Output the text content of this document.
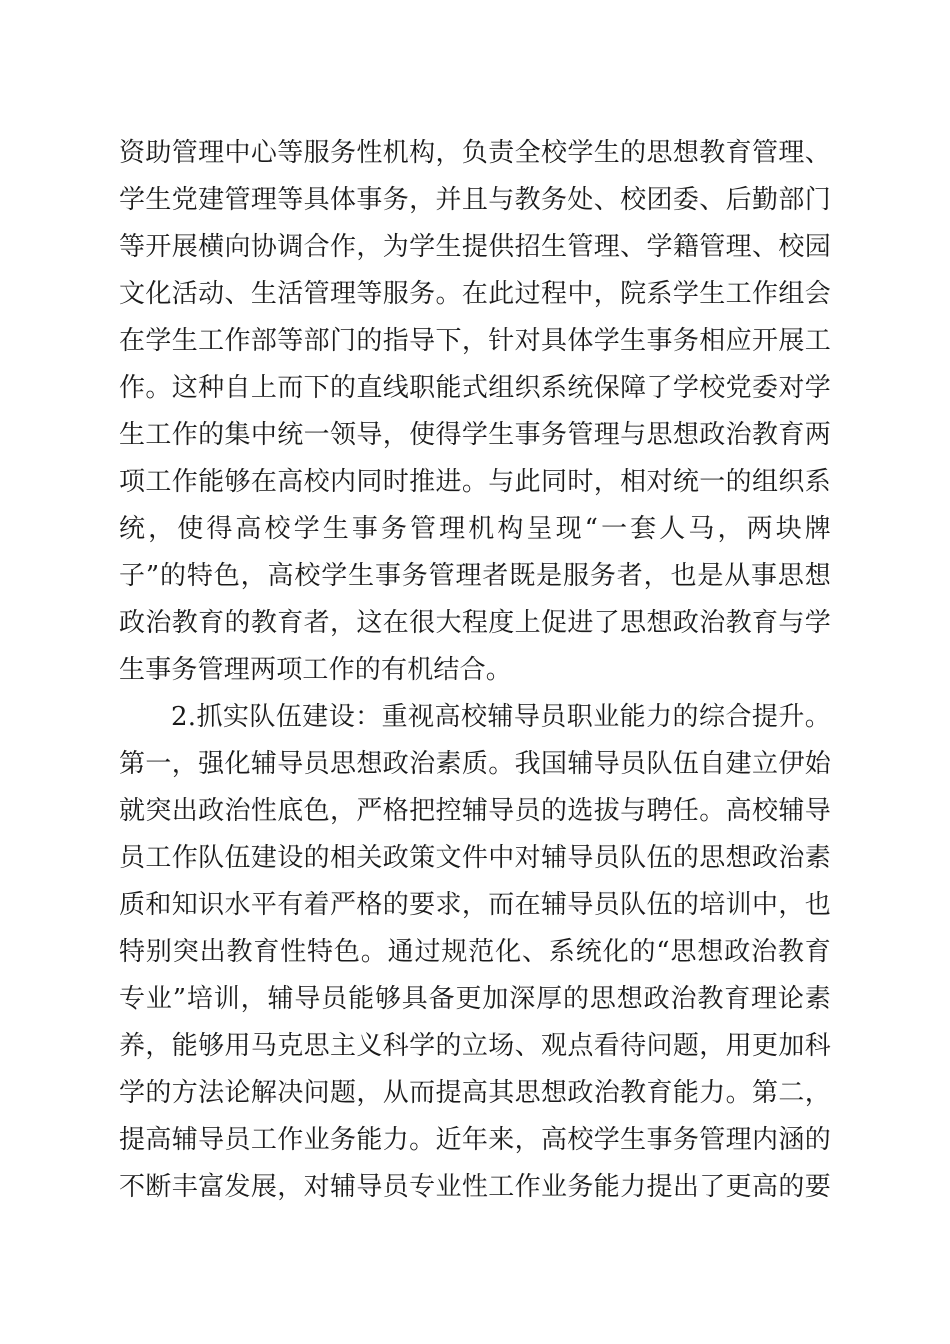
资助管理中心等服务性机构，负责全校学生的思想教育管理、
学生党建管理等具体事务，并且与教务处、校团委、后勤部门
等开展横向协调合作，为学生提供招生管理、学籍管理、校园
文化活动、生活管理等服务。在此过程中，院系学生工作组会
在学生工作部等部门的指导下，针对具体学生事务相应开展工
作。这种自上而下的直线职能式组织系统保障了学校党委对学
生工作的集中统一领导，使得学生事务管理与思想政治教育两
项工作能够在高校内同时推进。与此同时，相对统一的组织系
统，使得高校学生事务管理机构呈现“一套人马，两块牌
子”的特色，高校学生事务管理者既是服务者，也是从事思想
政治教育的教育者，这在很大程度上促进了思想政治教育与学
生事务管理两项工作的有机结合。
2.抓实队伍建设：重视高校辅导员职业能力的综合提升。
第一，强化辅导员思想政治素质。我国辅导员队伍自建立伊始
就突出政治性底色，严格把控辅导员的选拔与聘任。高校辅导
员工作队伍建设的相关政策文件中对辅导员队伍的思想政治素
质和知识水平有着严格的要求，而在辅导员队伍的培训中，也
特别突出教育性特色。通过规范化、系统化的“思想政治教育
专业”培训，辅导员能够具备更加深厚的思想政治教育理论素
养，能够用马克思主义科学的立场、观点看待问题，用更加科
学的方法论解决问题，从而提高其思想政治教育能力。第二，
提高辅导员工作业务能力。近年来，高校学生事务管理内涵的
不断丰富发展，对辅导员专业性工作业务能力提出了更高的要
